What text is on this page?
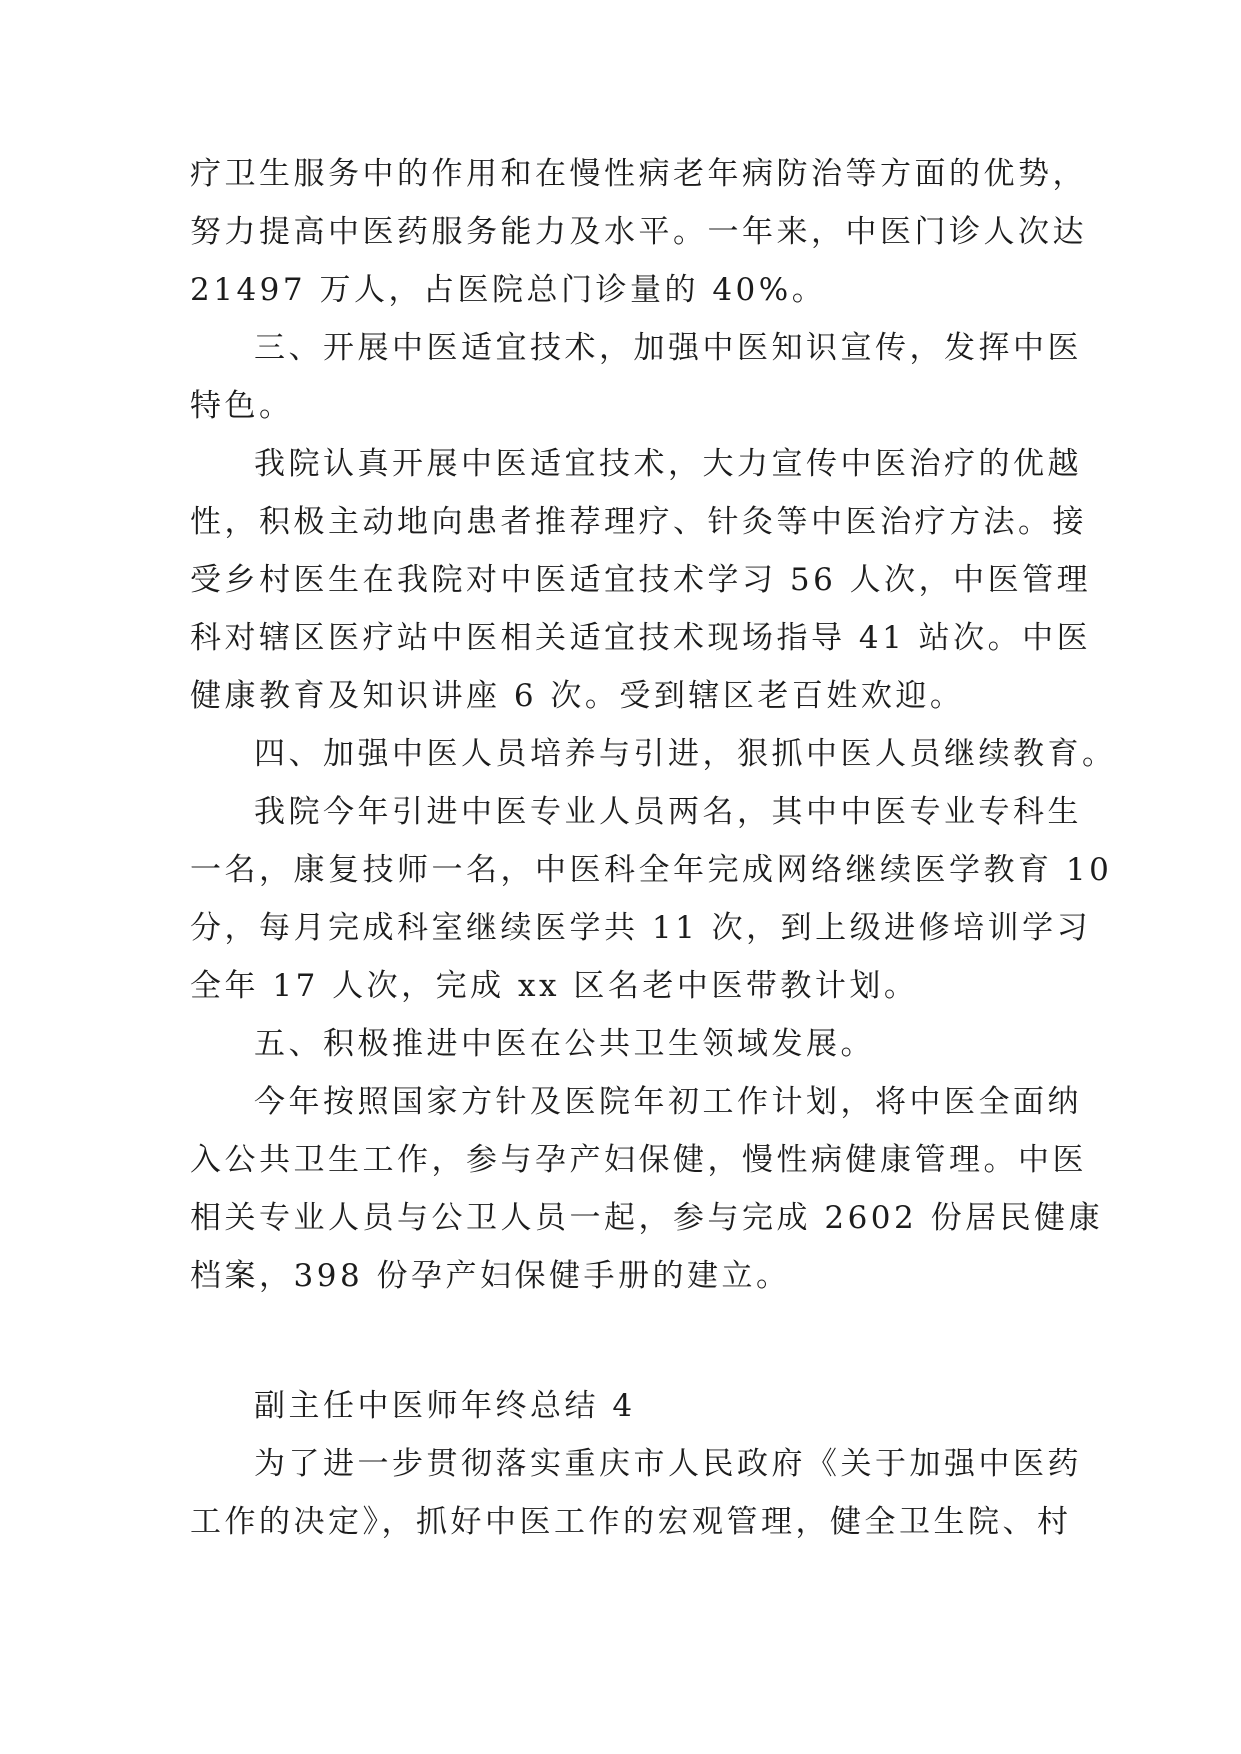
疗卫生服务中的作用和在慢性病老年病防治等方面的优势，
努力提高中医药服务能力及水平。一年来，中医门诊人次达
21497 万人，占医院总门诊量的 40%。
三、开展中医适宜技术，加强中医知识宣传，发挥中医
特色。
我院认真开展中医适宜技术，大力宣传中医治疗的优越
性，积极主动地向患者推荐理疗、针灸等中医治疗方法。接
受乡村医生在我院对中医适宜技术学习 56 人次，中医管理
科对辖区医疗站中医相关适宜技术现场指导 41 站次。中医
健康教育及知识讲座 6 次。受到辖区老百姓欢迎。
四、加强中医人员培养与引进，狠抓中医人员继续教育。
我院今年引进中医专业人员两名，其中中医专业专科生
一名，康复技师一名，中医科全年完成网络继续医学教育 10
分，每月完成科室继续医学共 11 次，到上级进修培训学习
全年 17 人次，完成 xx 区名老中医带教计划。
五、积极推进中医在公共卫生领域发展。
今年按照国家方针及医院年初工作计划，将中医全面纳
入公共卫生工作，参与孕产妇保健，慢性病健康管理。中医
相关专业人员与公卫人员一起，参与完成 2602 份居民健康
档案，398 份孕产妇保健手册的建立。
副主任中医师年终总结 4
为了进一步贯彻落实重庆市人民政府《关于加强中医药
工作的决定》，抓好中医工作的宏观管理，健全卫生院、村
